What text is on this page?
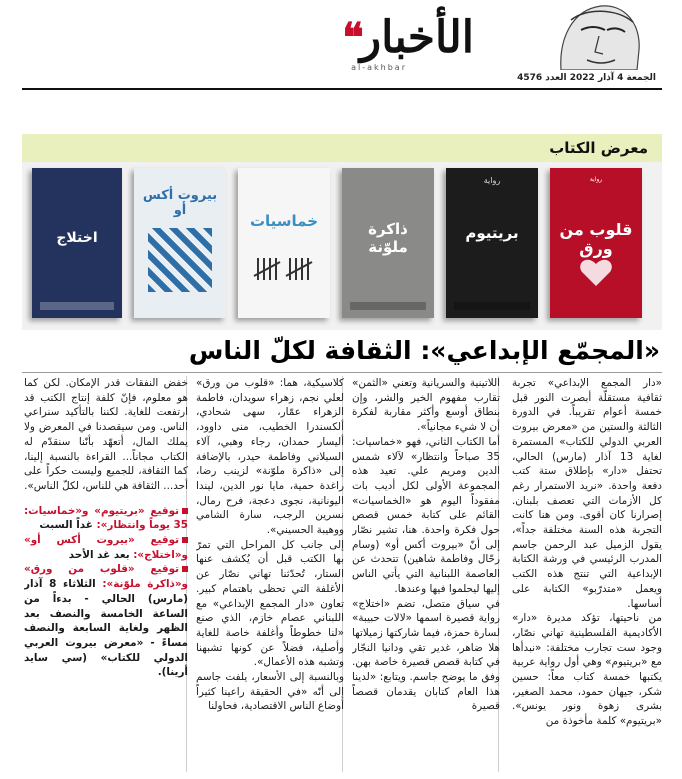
❝الأخبار
al-akhbar
الجمعة 4 آذار 2022 العدد 4576
معرض الكتاب
رواية
قلوب من ورق
رواية
بريتيوم
ذاكرة ملوّنة
خماسيات
بيروت أكس أو
اختلاج
«المجمّع الإبداعي»: الثقافة لكلّ الناس

«دار المجمع الإبداعي» تجربة ثقافية مستقلّة أبصرت النور قبل خمسة أعوام تقريباً. في الدورة الثالثة والستين من «معرض بيروت العربي الدولي للكتاب» المستمرة لغاية 13 آذار (مارس) الحالي، تحتفل «دار» بإطلاق ستة كتب دفعة واحدة. «نريد الاستمرار رغم كل الأزمات التي تعصف بلبنان. إصرارنا كان أقوى. ومن هنا كانت التجربة هذه السنة مختلفة جداً»، يقول الزميل عبد الرحمن جاسم المدرب الرئيسي في ورشة الكتابة الإبداعية التي تنتج هذه الكتب ويعمل «متدرّبو» الكتابة على أساسها.

من ناحيتها، تؤكد مديرة «دار» الأكاديمية الفلسطينية تهاني نصّار، وجود ست تجارب مختلفة: «نبدأها مع «بريتيوم» وهي أول رواية عربية يكتبها خمسة كتاب معاً: حسين شكر، جيهان حمود، محمد الصغير، بشرى زهوة ونور يونس». «بريتيوم» كلمة مأخوذة من

اللاتينية والسريانية وتعني «الثمن» تقارب مفهوم الخير والشر، وإن بنطاق أوسع وأكثر مقاربة لفكرة أن لا شيء مجانياً».

أما الكتاب الثاني، فهو «خماسيات: 35 صباحاً وانتظار» لآلاء شمس الدين ومريم علي. تعيد هذه المجموعة الأولى لكل أديب بات مفقوداً اليوم هو «الخماسيات» القائم على كتابة خمس قصص حول فكرة واحدة. هنا، تشير نصّار إلى أنّ «بيروت أكس أو» (وسام رحّال وفاطمة شاهين) تتحدث عن العاصمة اللبنانية التي يأتي الناس إليها ليحلموا فيها وعندها.

في سياق متصل، تضم «اختلاج» رواية قصيرة اسمها «لالات حبيبة» لسارة حمزة، فيما شاركتها زميلاتها هلا ضاهر، غدير تقي ودانيا النجّار في كتابة قصص قصيرة خاصة بهن. وفق ما يوضح جاسم. ويتابع: «لدينا هذا العام كتابان يقدمان قصصاً قصيرة

كلاسيكية، هما: «قلوب من ورق» لعلي نجم، زهراء سويدان، فاطمة الزهراء عمّار، سهى شحادي، ألكسندرا الخطيب، منى داوود، أليسار حمدان، رجاء وهبي، آلاء السبلاني وفاطمة حيدر، بالإضافة إلى «ذاكرة ملوّنة» لزينب رضا، راغدة حمية، مايا نور الدين، ليندا اليونانية، نجوى دعجة، فرح رمال، نسرين الرجب، سارة الشامي ووهيبة الحسيني».

إلى جانب كل المراحل التي تمرّ بها الكتب قبل أن يُكشف عنها الستار، تُحدّثنا تهاني نصّار عن الأغلفة التي تحظى باهتمام كبير. تعاون «دار المجمع الإبداعي» مع اللبناني عصام خازم، الذي صنع «لنا خطوطاً وأغلفة خاصة للغاية وأصلية، فضلاً عن كونها تشبهنا وتشبه هذه الأعمال».

وبالنسبة إلى الأسعار، يلفت جاسم إلى أنّه «في الحقيقة راعينا كثيراً أوضاع الناس الاقتصادية، فحاولنا

خفض النفقات قدر الإمكان. لكن كما هو معلوم، فإنّ كلفة إنتاج الكتب قد ارتفعت للغاية. لكننا بالتأكيد سنراعي الناس. ومن سيقصدنا في المعرض ولا يملك المال، أتعهّد بأنّنا سنقدّم له الكتاب مجاناً... القراءة بالنسبة إلينا، كما الثقافة، للجميع وليست حكراً على أحد... الثقافة هي للناس، لكلّ الناس».

توقيع «بريتيوم» و«خماسيات: 35 يوماً وانتظار»: غداً السبت

توقيع «بيروت أكس أو» و«اختلاج»: بعد غد الأحد

توقيع «قلوب من ورق» و«ذاكرة ملوّنة»: الثلاثاء 8 آذار (مارس) الحالي - بدءاً من الساعة الخامسة والنصف بعد الظهر ولغاية السابعة والنصف مساءً - «معرض بيروت العربي الدولي للكتاب» (سي سايد أرينا).
